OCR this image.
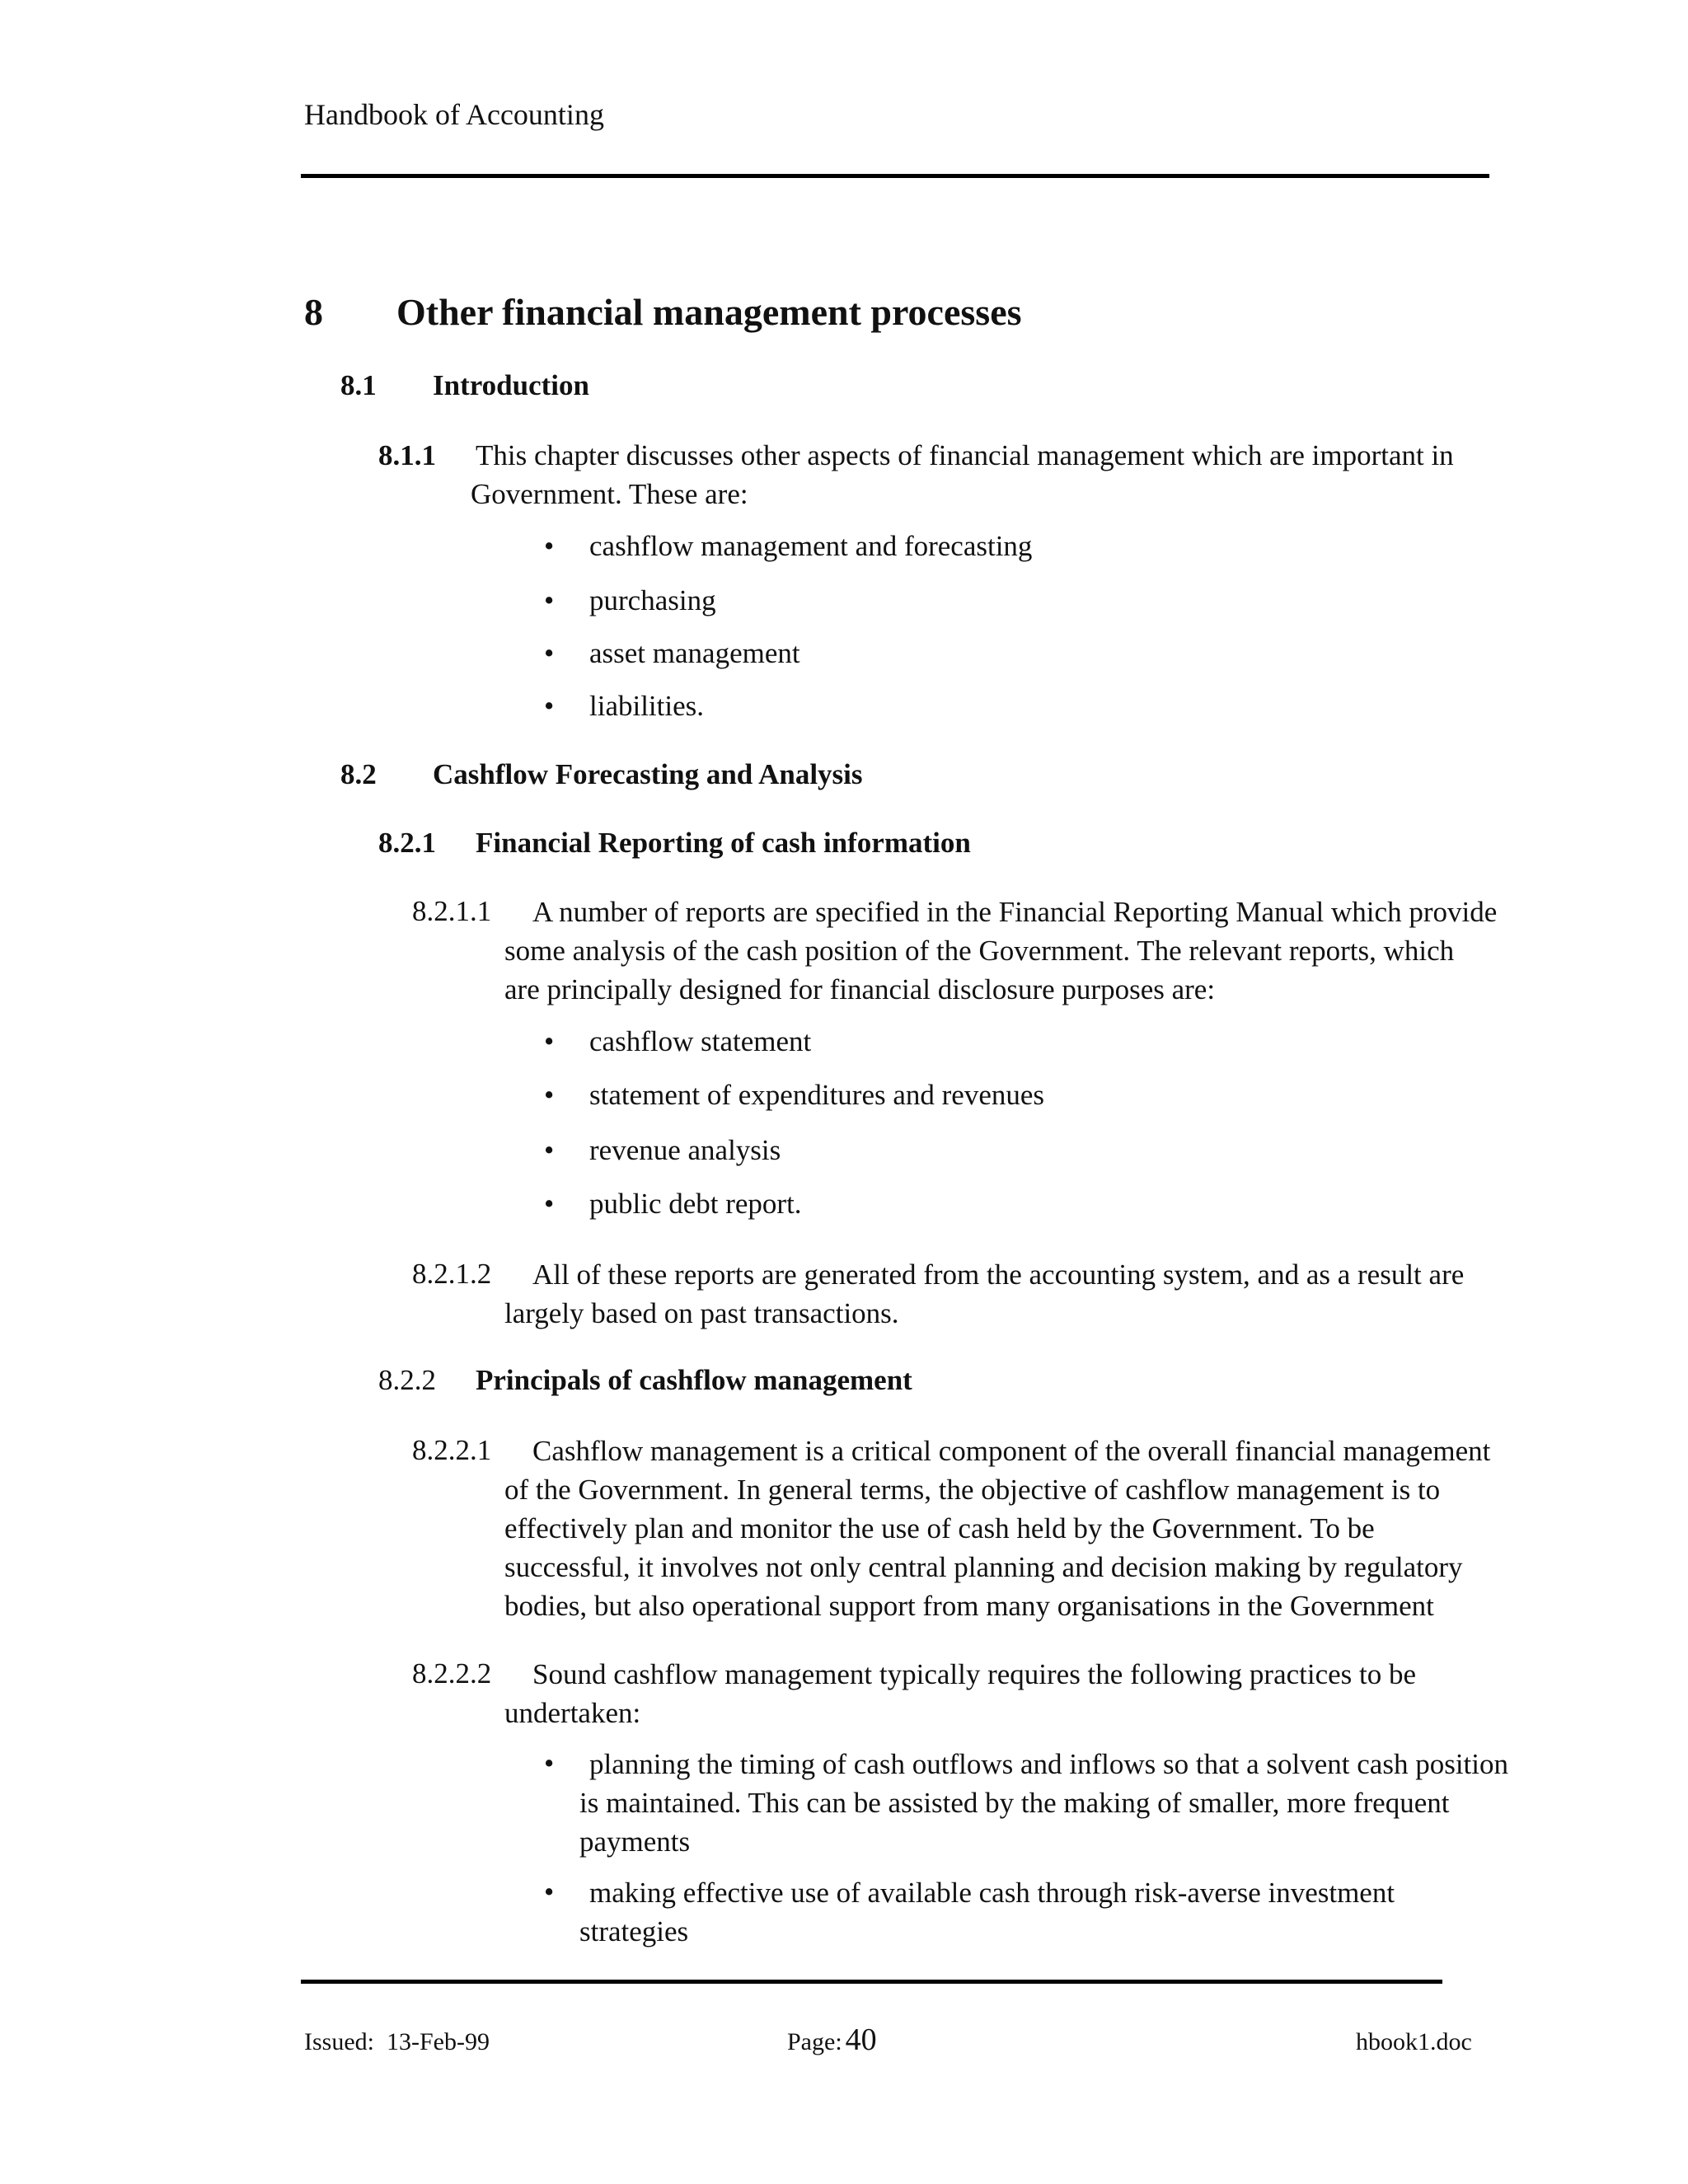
Handbook of Accounting
8 Other financial management processes
8.1 Introduction
8.1.1 This chapter discusses other aspects of financial management which are important in
Government. These are:
• cashflow management and forecasting
• purchasing
• asset management
• liabilities.
8.2 Cashflow Forecasting and Analysis
8.2.1 Financial Reporting of cash information
8.2.1.1 A number of reports are specified in the Financial Reporting Manual which provide
some analysis of the cash position of the Government. The relevant reports, which
are principally designed for financial disclosure purposes are:
• cashflow statement
• statement of expenditures and revenues
• revenue analysis
• public debt report.
8.2.1.2 All of these reports are generated from the accounting system, and as a result are
largely based on past transactions.
8.2.2 Principals of cashflow management
8.2.2.1 Cashflow management is a critical component of the overall financial management
of the Government. In general terms, the objective of cashflow management is to
effectively plan and monitor the use of cash held by the Government. To be
successful, it involves not only central planning and decision making by regulatory
bodies, but also operational support from many organisations in the Government
8.2.2.2 Sound cashflow management typically requires the following practices to be
undertaken:
• planning the timing of cash outflows and inflows so that a solvent cash position
is maintained. This can be assisted by the making of smaller, more frequent
payments
• making effective use of available cash through risk-averse investment
strategies
Issued: 13-Feb-99	Page: 40	hbook1.doc
